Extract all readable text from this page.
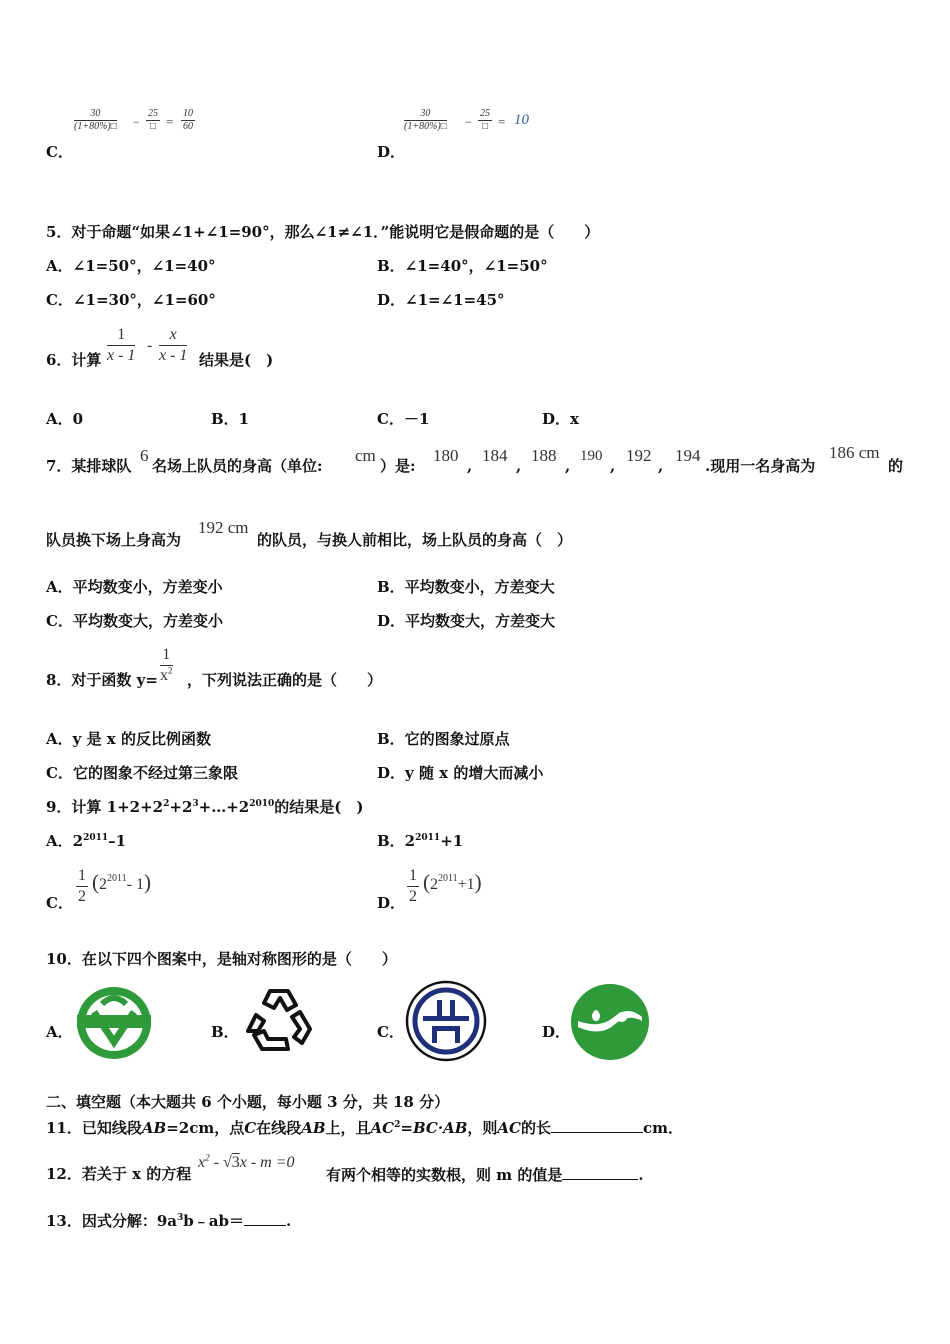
$\frac{30}{(1+80\%)□}$ −
25
□ = $\frac{10}{60}$
C．
$\frac{30}{(1+80\%)□}$ −
25
□ = 10
D．
5．对于命题“如果∠1+∠1=90°，那么∠1≠∠1．”能说明它是假命题的是（　　）
A．∠1=50°，∠1=40°	B．∠1=40°，∠1=50°
C．∠1=30°，∠1=60°	D．∠1=∠1=45°
6．计算 $\frac{1}{x - 1} - \frac{x}{x - 1}$ 结果是(　)
A．0	B．1	C．－1	D．x
7．某排球队
6
名场上队员的身高（单位:
cm
）是:
180
,
184
,
188
,
190
,
192
,
194
.现用一名身高为
186 cm
的
队员换下场上身高为
192 cm
的队员，与换人前相比，场上队员的身高（　）
A．平均数变小，方差变小	B．平均数变小，方差变大
C．平均数变大，方差变小	D．平均数变大，方差变大
8．对于函数 $y= \frac{1}{x^2}$ ，下列说法正确的是（　　）
A．y 是 x 的反比例函数	B．它的图象过原点
C．它的图象不经过第三象限	D．y 随 x 的增大而减小
9．计算 $1+2+2^2+2^3+\dots+2^{2010}$的结果是(　)
A．$2^{2011}-1$	B．$2^{2011}+1$
C． $\frac{1}{2} (2^{2011}-$ 1)
D． $\frac{1}{2} (2^{2011}+1)$
10．在以下四个图案中，是轴对称图形的是（　　）
A．	B．	C．	D．
二、填空题（本大题共 6 个小题，每小题 3 分，共 18 分）
11．已知线段AB=2cm，点C在线段AB上，且$AC^2=BC\cdot AB$，则AC的长	cm．
12．若关于 x 的方程
$x^2 - √3x - m =0$
有两个相等的实数根，则 m 的值是	.
13．因式分解：$9a^3b﹣ab=$	.
